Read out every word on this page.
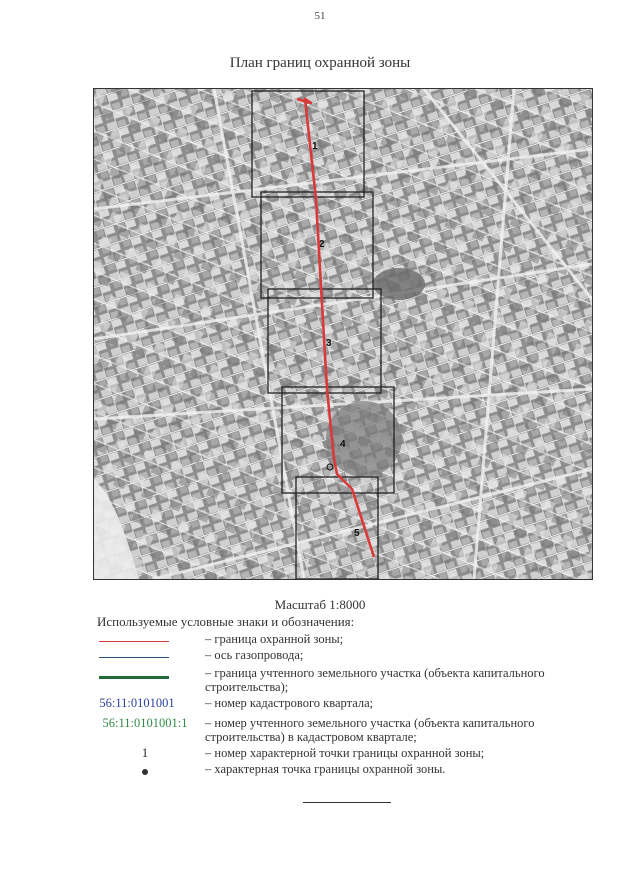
51
План границ охранной зоны
1
2
3
4
5
Масштаб 1:8000
Используемые условные знаки и обозначения:
– граница охранной зоны;
– ось газопровода;
– граница учтенного земельного участка (объекта капитального строительства);
56:11:0101001 – номер кадастрового квартала;
56:11:0101001:1	– номер учтенного земельного участка (объекта капитального строительства) в кадастровом квартале;
1	– номер характерной точки границы охранной зоны;
– характерная точка границы охранной зоны.
